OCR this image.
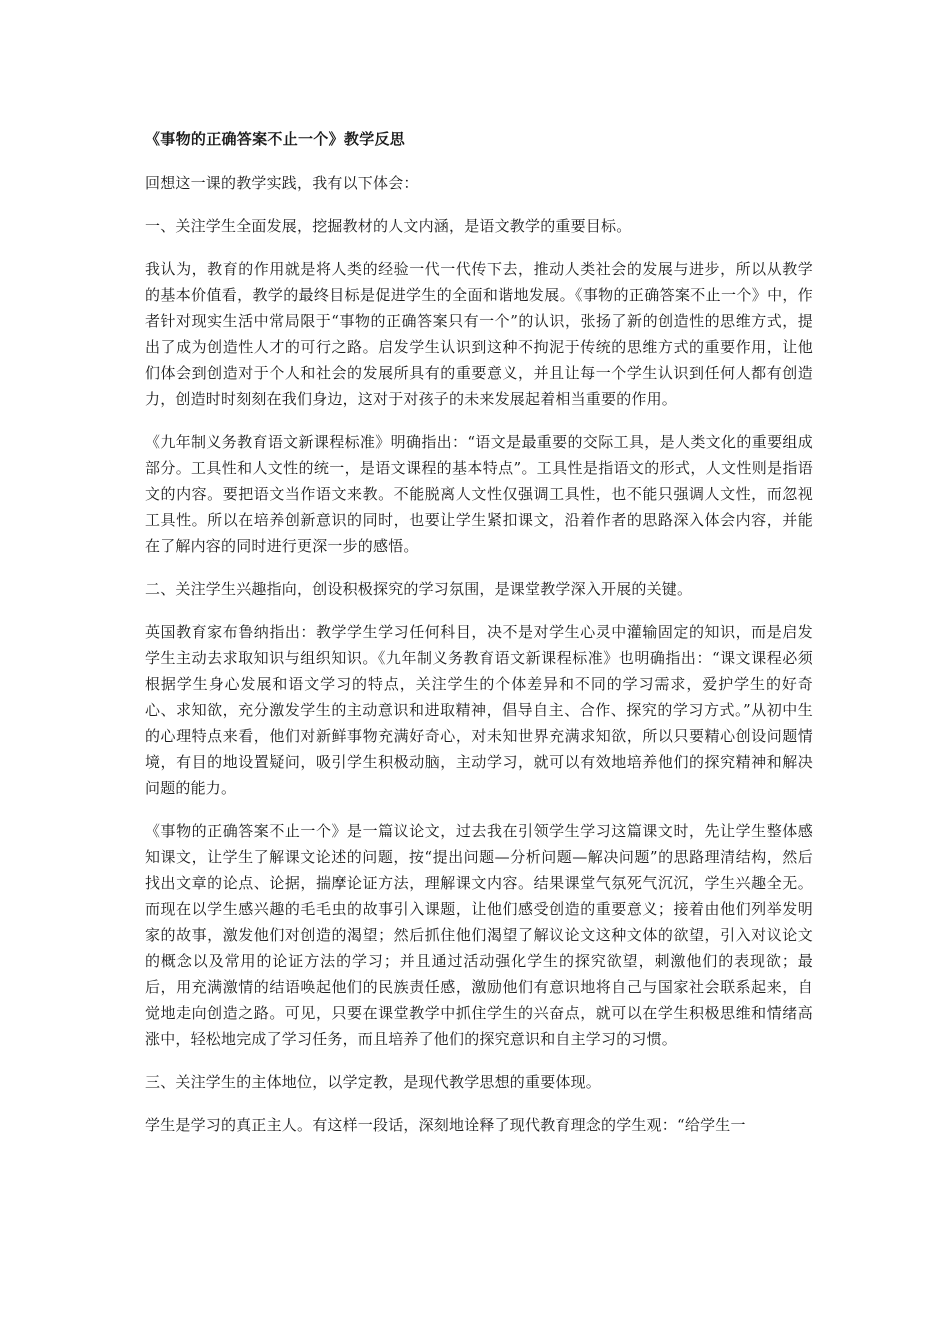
《事物的正确答案不止一个》教学反思
回想这一课的教学实践，我有以下体会：
一、关注学生全面发展，挖掘教材的人文内涵，是语文教学的重要目标。
我认为，教育的作用就是将人类的经验一代一代传下去，推动人类社会的发展与进步，所以从教学的基本价值看，教学的最终目标是促进学生的全面和谐地发展。《事物的正确答案不止一个》中，作者针对现实生活中常局限于“事物的正确答案只有一个”的认识，张扬了新的创造性的思维方式，提出了成为创造性人才的可行之路。启发学生认识到这种不拘泥于传统的思维方式的重要作用，让他们体会到创造对于个人和社会的发展所具有的重要意义，并且让每一个学生认识到任何人都有创造力，创造时时刻刻在我们身边，这对于对孩子的未来发展起着相当重要的作用。
《九年制义务教育语文新课程标准》明确指出：“语文是最重要的交际工具，是人类文化的重要组成部分。工具性和人文性的统一，是语文课程的基本特点”。工具性是指语文的形式，人文性则是指语文的内容。要把语文当作语文来教。不能脱离人文性仅强调工具性，也不能只强调人文性，而忽视工具性。所以在培养创新意识的同时，也要让学生紧扣课文，沿着作者的思路深入体会内容，并能在了解内容的同时进行更深一步的感悟。
二、关注学生兴趣指向，创设积极探究的学习氛围，是课堂教学深入开展的关键。
英国教育家布鲁纳指出：教学学生学习任何科目，决不是对学生心灵中灌输固定的知识，而是启发学生主动去求取知识与组织知识。《九年制义务教育语文新课程标准》也明确指出：“课文课程必须根据学生身心发展和语文学习的特点，关注学生的个体差异和不同的学习需求，爱护学生的好奇心、求知欲，充分激发学生的主动意识和进取精神，倡导自主、合作、探究的学习方式。”从初中生的心理特点来看，他们对新鲜事物充满好奇心，对未知世界充满求知欲，所以只要精心创设问题情境，有目的地设置疑问，吸引学生积极动脑，主动学习，就可以有效地培养他们的探究精神和解决问题的能力。
《事物的正确答案不止一个》是一篇议论文，过去我在引领学生学习这篇课文时，先让学生整体感知课文，让学生了解课文论述的问题，按“提出问题—分析问题—解决问题”的思路理清结构，然后找出文章的论点、论据，揣摩论证方法，理解课文内容。结果课堂气氛死气沉沉，学生兴趣全无。而现在以学生感兴趣的毛毛虫的故事引入课题，让他们感受创造的重要意义；接着由他们列举发明家的故事，激发他们对创造的渴望；然后抓住他们渴望了解议论文这种文体的欲望，引入对议论文的概念以及常用的论证方法的学习；并且通过活动强化学生的探究欲望，刺激他们的表现欲；最后，用充满激情的结语唤起他们的民族责任感，激励他们有意识地将自己与国家社会联系起来，自觉地走向创造之路。可见，只要在课堂教学中抓住学生的兴奋点，就可以在学生积极思维和情绪高涨中，轻松地完成了学习任务，而且培养了他们的探究意识和自主学习的习惯。
三、关注学生的主体地位，以学定教，是现代教学思想的重要体现。
学生是学习的真正主人。有这样一段话，深刻地诠释了现代教育理念的学生观：“给学生一
